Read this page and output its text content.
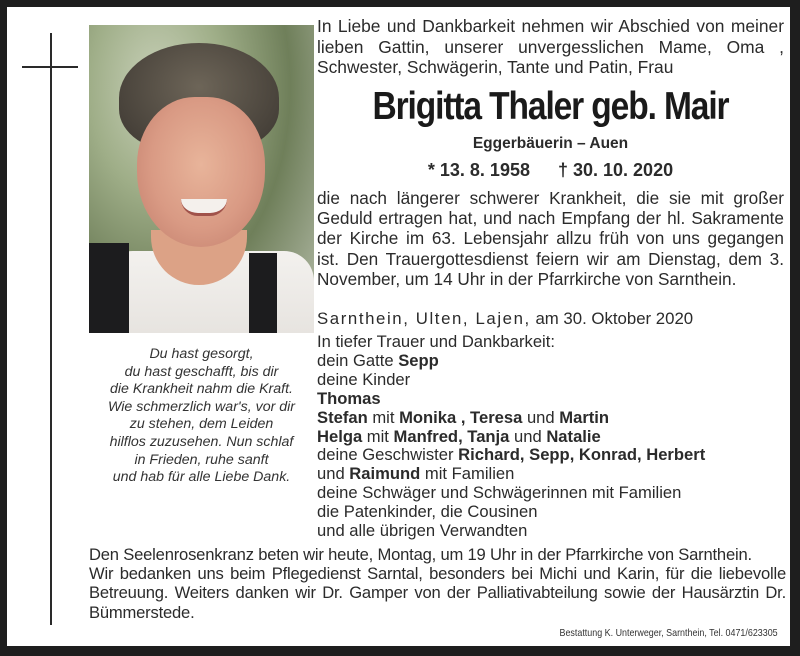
Du hast gesorgt,
du hast geschafft, bis dir
die Krankheit nahm die Kraft.
Wie schmerzlich war's, vor dir
zu stehen, dem Leiden
hilflos zuzusehen. Nun schlaf
in Frieden, ruhe sanft
und hab für alle Liebe Dank.
In Liebe und Dankbarkeit nehmen wir Abschied von meiner lieben Gattin, unserer unvergesslichen Mame, Oma , Schwester, Schwägerin, Tante und Patin, Frau
Brigitta Thaler geb. Mair
Eggerbäuerin – Auen
* 13. 8. 1958 † 30. 10. 2020
die nach längerer schwerer Krankheit, die sie mit großer Geduld ertragen hat, und nach Empfang der hl. Sakramente der Kirche im 63. Lebensjahr allzu früh von uns gegangen ist. Den Trauergottesdienst feiern wir am Dienstag, dem 3. November, um 14 Uhr in der Pfarrkirche von Sarnthein.
Sarnthein, Ulten, Lajen, am 30. Oktober 2020
In tiefer Trauer und Dankbarkeit:
dein Gatte Sepp
deine Kinder
Thomas
Stefan mit Monika , Teresa und Martin
Helga mit Manfred, Tanja und Natalie
deine Geschwister Richard, Sepp, Konrad, Herbert
und Raimund mit Familien
deine Schwäger und Schwägerinnen mit Familien
die Patenkinder, die Cousinen
und alle übrigen Verwandten

Den Seelenrosenkranz beten wir heute, Montag, um 19 Uhr in der Pfarrkirche von Sarnthein.

Wir bedanken uns beim Pflegedienst Sarntal, besonders bei Michi und Karin, für die liebevolle Betreuung. Weiters danken wir Dr. Gamper von der Palliativabteilung sowie der Hausärztin Dr. Bümmerstede.

Bestattung K. Unterweger, Sarnthein, Tel. 0471/623305
